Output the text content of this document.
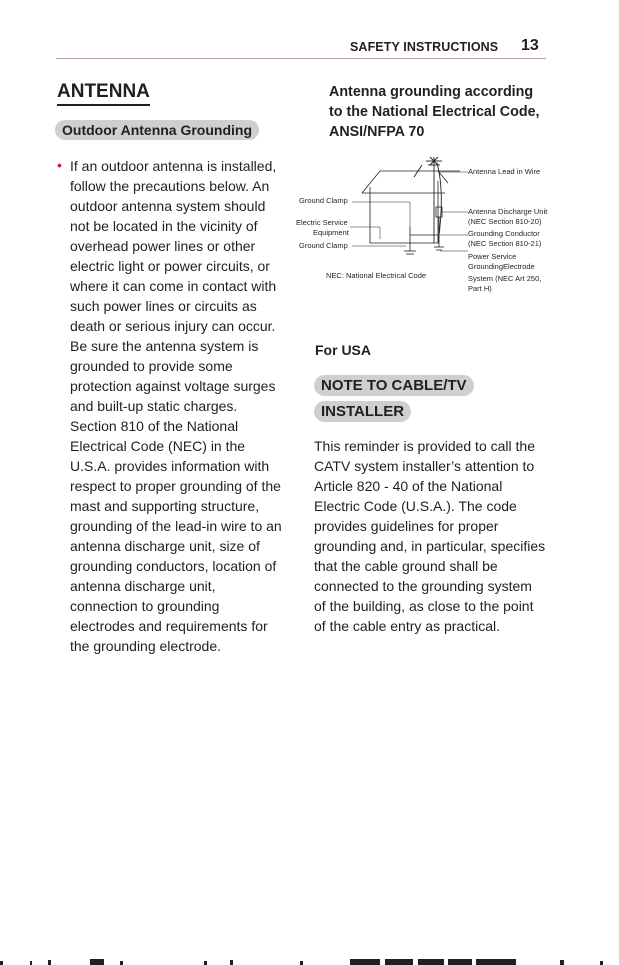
SAFETY INSTRUCTIONS 13
ANTENNA
Outdoor Antenna Grounding
• If an outdoor antenna is installed, follow the precautions below. An outdoor antenna system should not be located in the vicinity of overhead power lines or other electric light or power circuits, or where it can come in contact with such power lines or circuits as death or serious injury can occur. Be sure the antenna system is grounded to provide some protection against voltage surges and built-up static charges. Section 810 of the National Electrical Code (NEC) in the U.S.A. provides information with respect to proper grounding of the mast and supporting structure, grounding of the lead-in wire to an antenna discharge unit, size of grounding conductors, location of antenna discharge unit, connection to grounding electrodes and requirements for the grounding electrode.
Antenna grounding according to the National Electrical Code, ANSI/NFPA 70
Antenna Lead in Wire
Ground Clamp
Electric Service
Equipment
Ground Clamp
Antenna Discharge Unit
(NEC Section 810-20)
Grounding Conductor
(NEC Section 810-21)
Power Service
GroundingElectrode
System (NEC Art 250,
Part H)
NEC: National Electrical Code
For USA
NOTE TO CABLE/TV
INSTALLER
This reminder is provided to call the CATV system installer’s attention to Article 820 - 40 of the National Electric Code (U.S.A.). The code provides guidelines for proper grounding and, in particular, specifies that the cable ground shall be connected to the grounding system of the building, as close to the point of the cable entry as practical.
